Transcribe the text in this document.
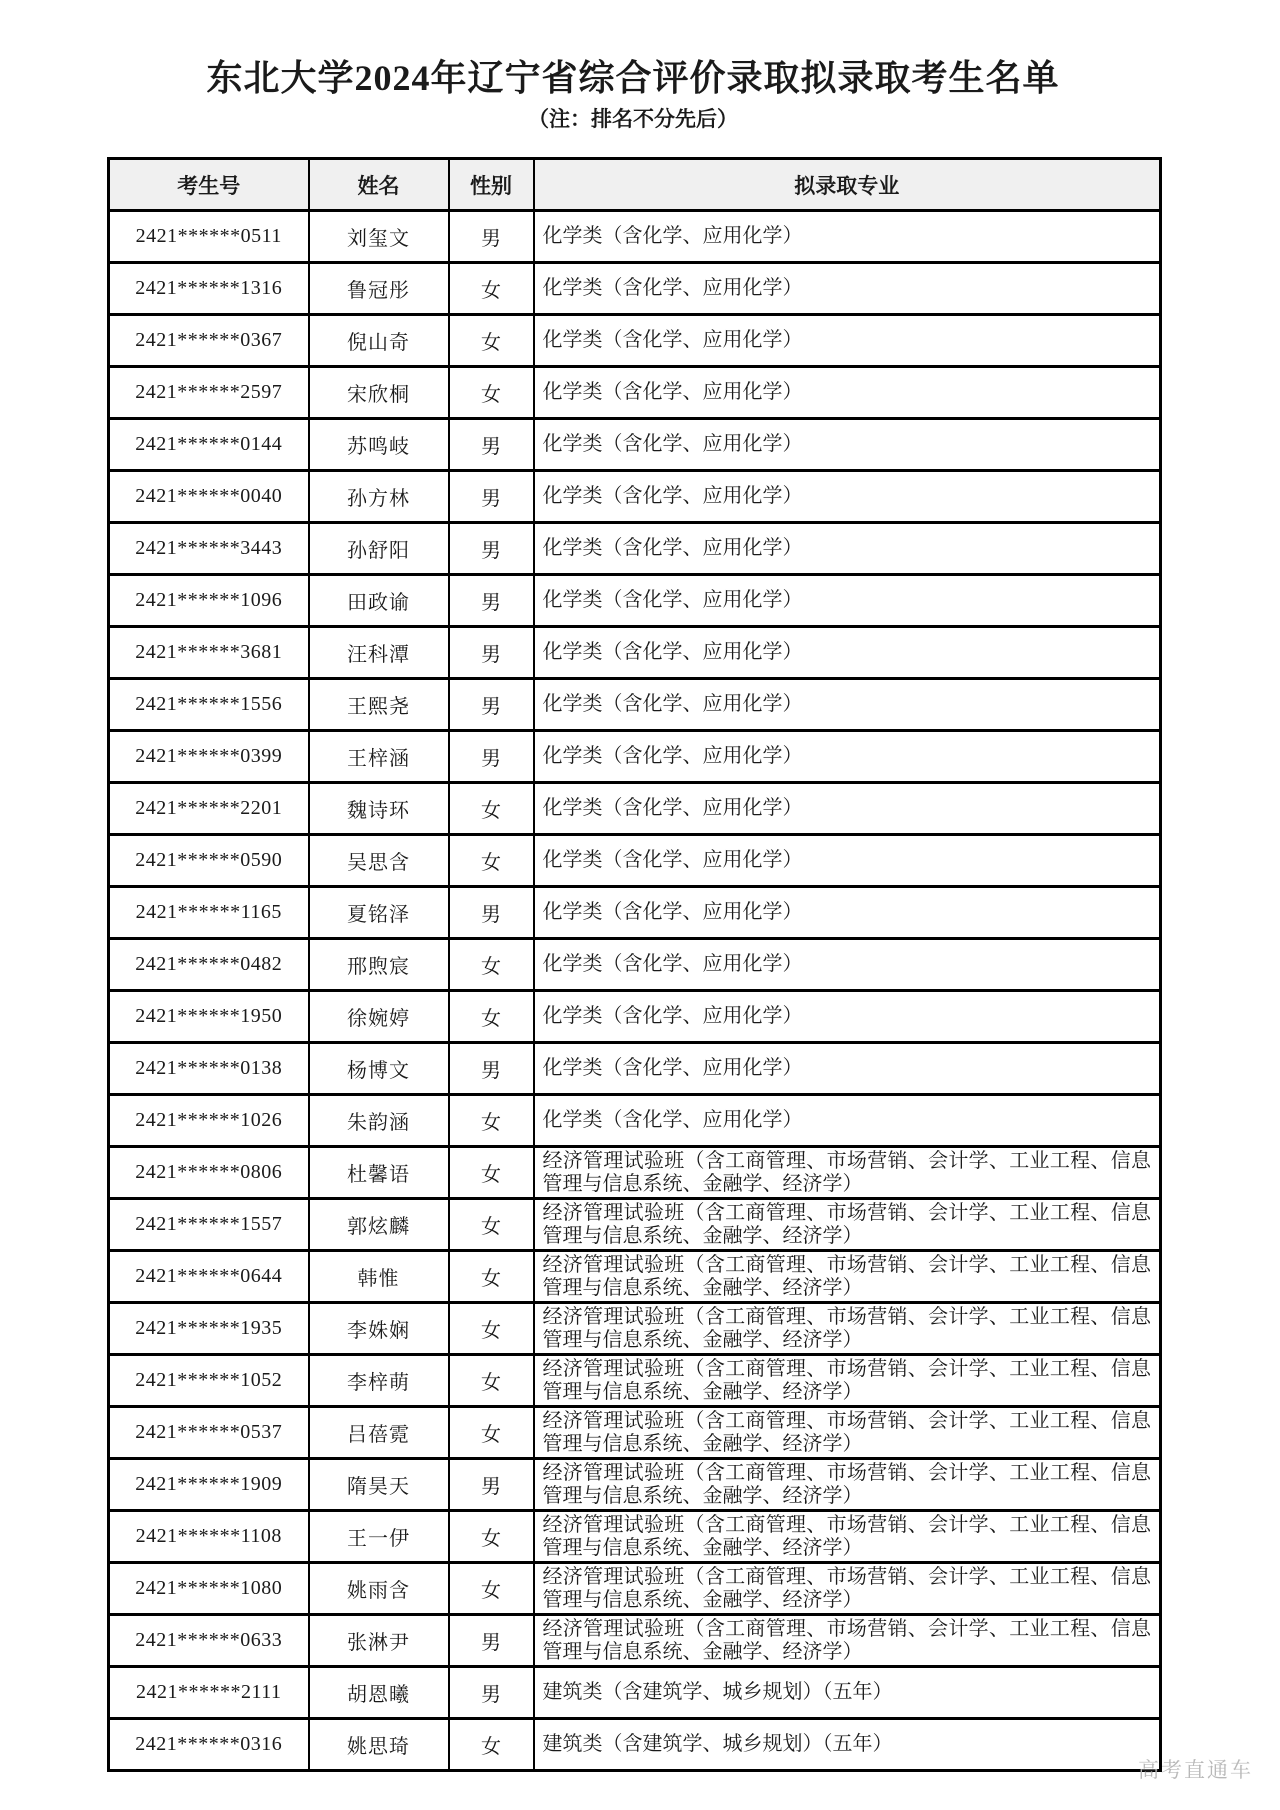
东北大学2024年辽宁省综合评价录取拟录取考生名单
（注：排名不分先后）
考生号	姓名	性别	拟录取专业
2421******0511	刘玺文	男	化学类（含化学、应用化学）
2421******1316	鲁冠彤	女	化学类（含化学、应用化学）
2421******0367	倪山奇	女	化学类（含化学、应用化学）
2421******2597	宋欣桐	女	化学类（含化学、应用化学）
2421******0144	苏鸣岐	男	化学类（含化学、应用化学）
2421******0040	孙方林	男	化学类（含化学、应用化学）
2421******3443	孙舒阳	男	化学类（含化学、应用化学）
2421******1096	田政谕	男	化学类（含化学、应用化学）
2421******3681	汪科潭	男	化学类（含化学、应用化学）
2421******1556	王熙尧	男	化学类（含化学、应用化学）
2421******0399	王梓涵	男	化学类（含化学、应用化学）
2421******2201	魏诗环	女	化学类（含化学、应用化学）
2421******0590	吴思含	女	化学类（含化学、应用化学）
2421******1165	夏铭泽	男	化学类（含化学、应用化学）
2421******0482	邢煦宸	女	化学类（含化学、应用化学）
2421******1950	徐婉婷	女	化学类（含化学、应用化学）
2421******0138	杨博文	男	化学类（含化学、应用化学）
2421******1026	朱韵涵	女	化学类（含化学、应用化学）
2421******0806	杜馨语	女	经济管理试验班（含工商管理、市场营销、会计学、工业工程、信息管理与信息系统、金融学、经济学）
2421******1557	郭炫麟	女	经济管理试验班（含工商管理、市场营销、会计学、工业工程、信息管理与信息系统、金融学、经济学）
2421******0644	韩惟	女	经济管理试验班（含工商管理、市场营销、会计学、工业工程、信息管理与信息系统、金融学、经济学）
2421******1935	李姝娴	女	经济管理试验班（含工商管理、市场营销、会计学、工业工程、信息管理与信息系统、金融学、经济学）
2421******1052	李梓萌	女	经济管理试验班（含工商管理、市场营销、会计学、工业工程、信息管理与信息系统、金融学、经济学）
2421******0537	吕蓓霓	女	经济管理试验班（含工商管理、市场营销、会计学、工业工程、信息管理与信息系统、金融学、经济学）
2421******1909	隋昊天	男	经济管理试验班（含工商管理、市场营销、会计学、工业工程、信息管理与信息系统、金融学、经济学）
2421******1108	王一伊	女	经济管理试验班（含工商管理、市场营销、会计学、工业工程、信息管理与信息系统、金融学、经济学）
2421******1080	姚雨含	女	经济管理试验班（含工商管理、市场营销、会计学、工业工程、信息管理与信息系统、金融学、经济学）
2421******0633	张淋尹	男	经济管理试验班（含工商管理、市场营销、会计学、工业工程、信息管理与信息系统、金融学、经济学）
2421******2111	胡恩曦	男	建筑类（含建筑学、城乡规划）（五年）
2421******0316	姚思琦	女	建筑类（含建筑学、城乡规划）（五年）
高考直通车
